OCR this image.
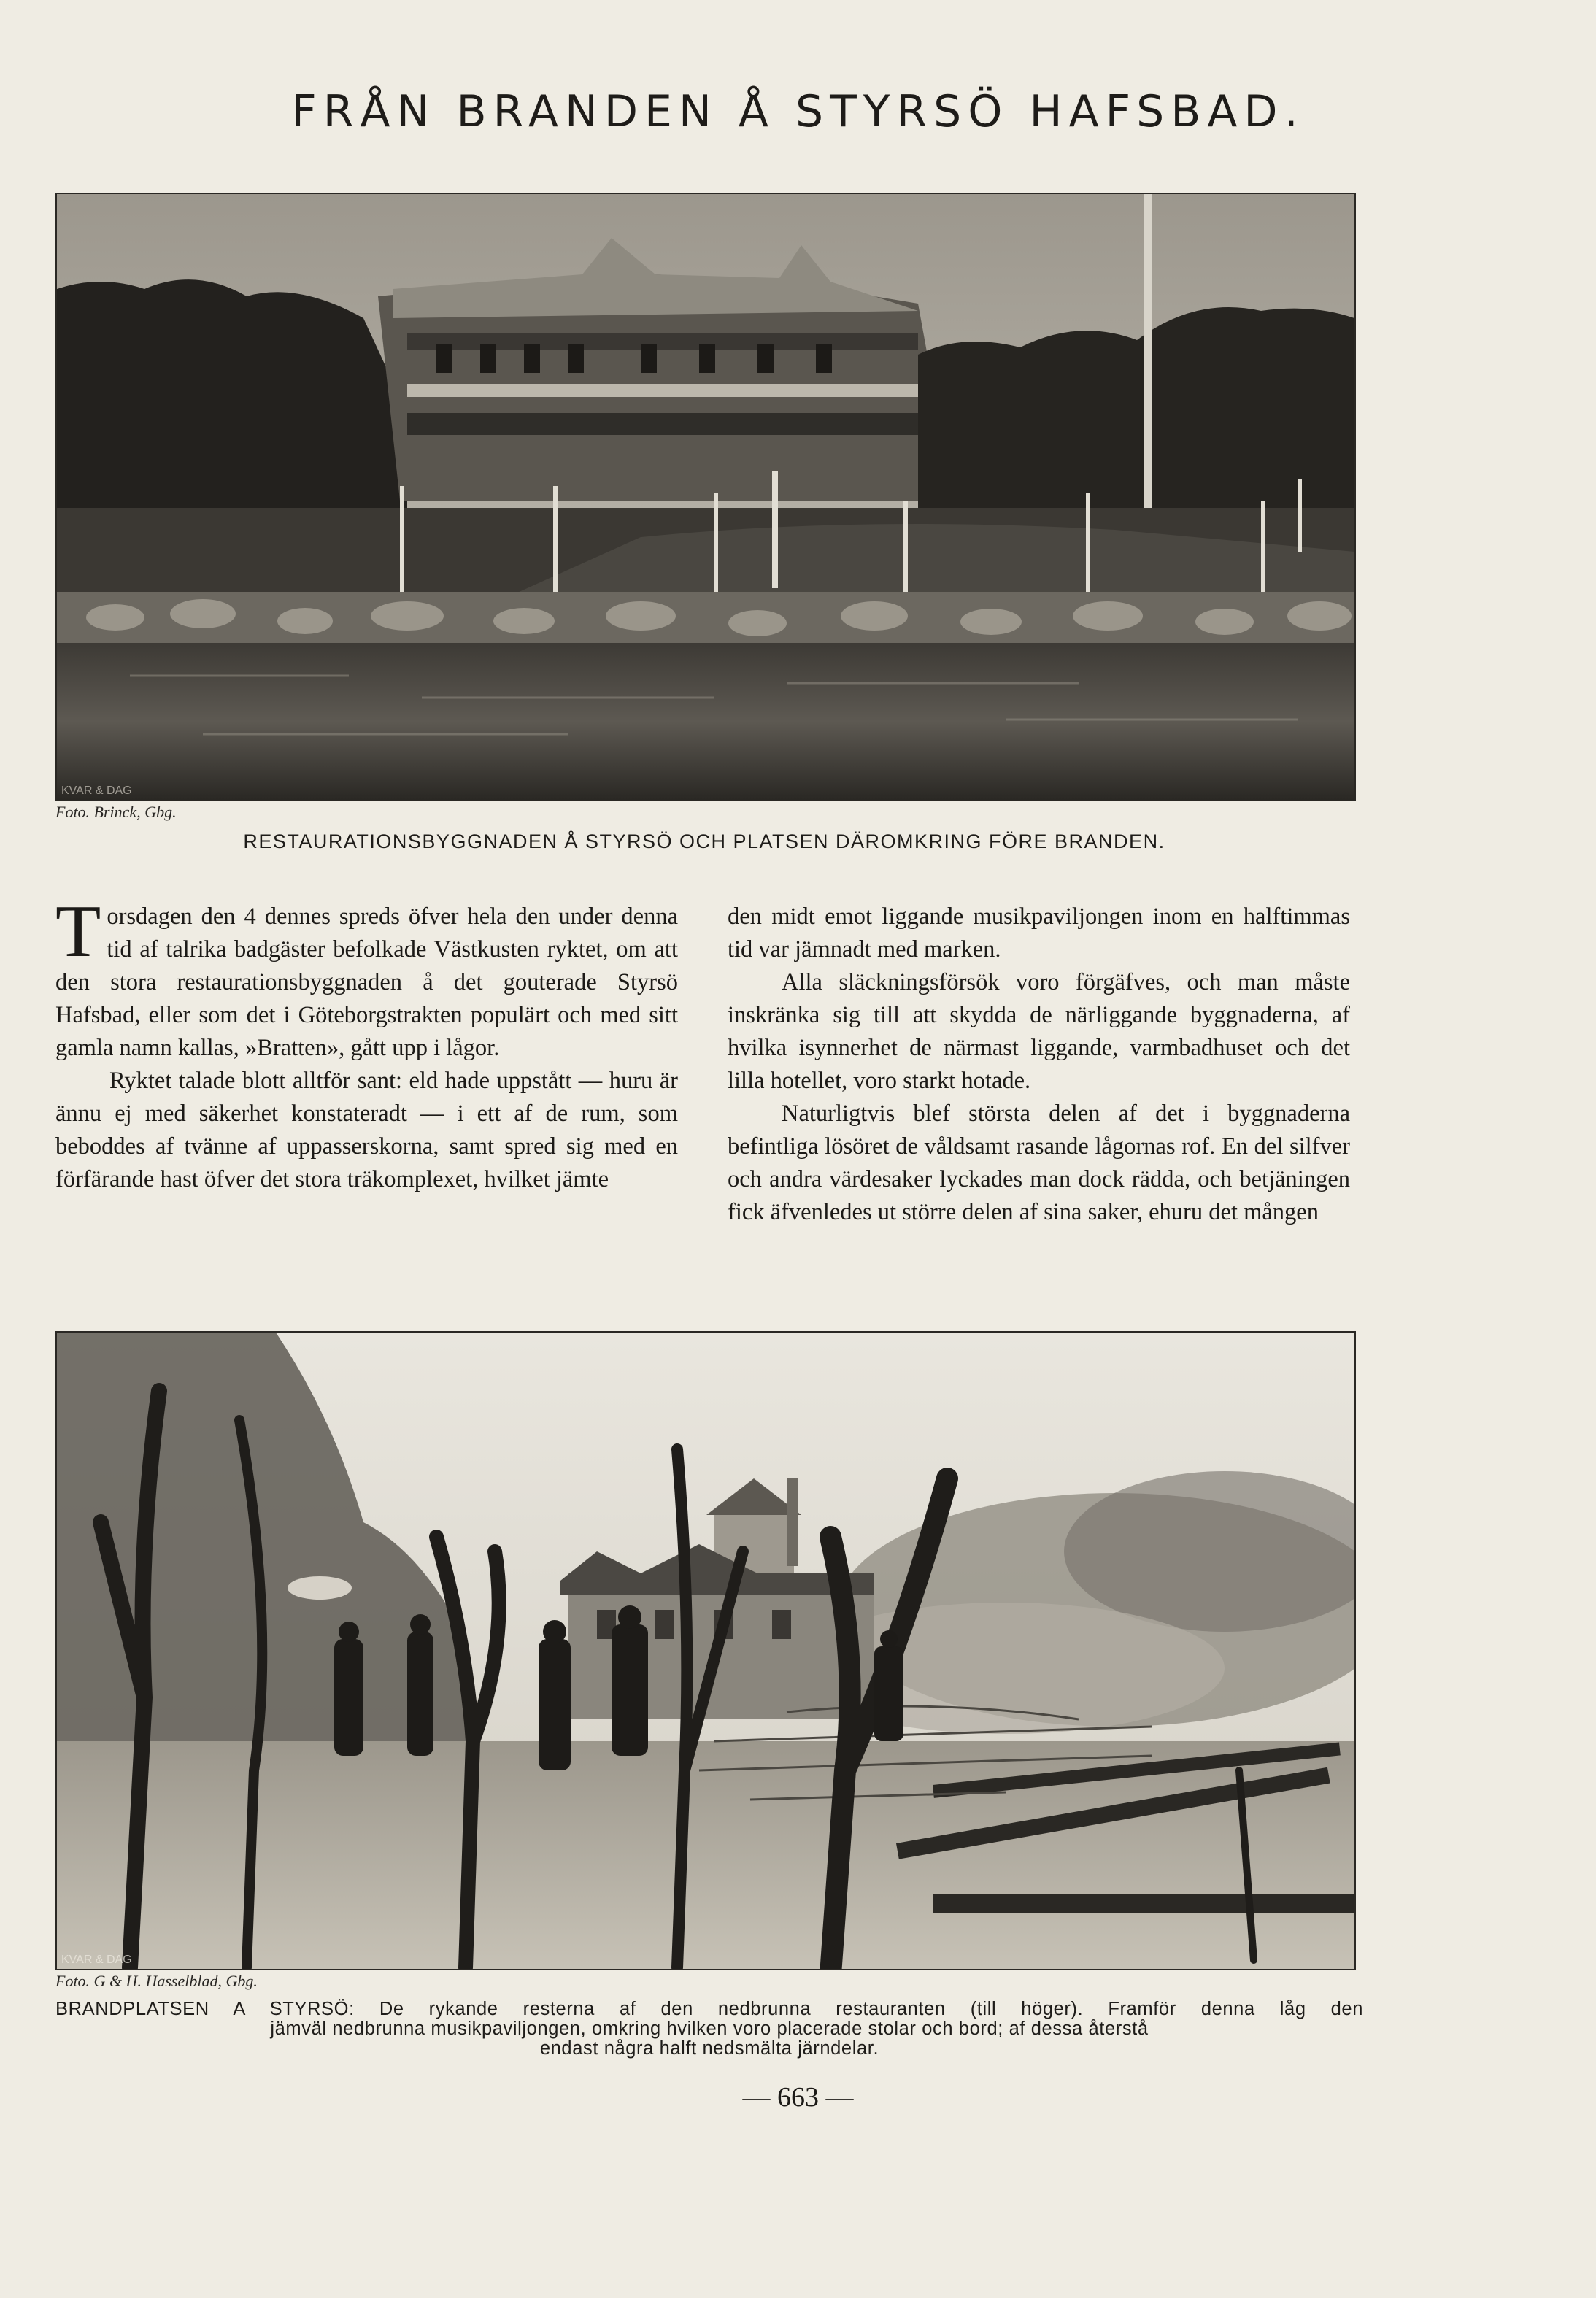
FRÅN BRANDEN Å STYRSÖ HAFSBAD.
KVAR & DAG
Foto. Brinck, Gbg.
RESTAURATIONSBYGGNADEN Å STYRSÖ OCH PLATSEN DÄROMKRING FÖRE BRANDEN.

Torsdagen den 4 dennes spreds öfver hela den under denna tid af talrika badgäster befolkade Västkusten ryktet, om att den stora restaurationsbyggnaden å det gouterade Styrsö Hafsbad, eller som det i Göteborgstrakten populärt och med sitt gamla namn kallas, »Bratten», gått upp i lågor.

Ryktet talade blott alltför sant: eld hade uppstått — huru är ännu ej med säkerhet konstateradt — i ett af de rum, som beboddes af tvänne af uppasserskorna, samt spred sig med en förfärande hast öfver det stora träkomplexet, hvilket jämte

den midt emot liggande musikpaviljongen inom en halftimmas tid var jämnadt med marken.

Alla släckningsförsök voro förgäfves, och man måste inskränka sig till att skydda de närliggande byggnaderna, af hvilka isynnerhet de närmast liggande, varmbadhuset och det lilla hotellet, voro starkt hotade.

Naturligtvis blef största delen af det i byggnaderna befintliga lösöret de våldsamt rasande lågornas rof. En del silfver och andra värdesaker lyckades man dock rädda, och betjäningen fick äfvenledes ut större delen af sina saker, ehuru det mången

KVAR & DAG
Foto. G & H. Hasselblad, Gbg.
BRANDPLATSEN A STYRSÖ: De rykande resterna af den nedbrunna restauranten (till höger). Framför denna låg den
jämväl nedbrunna musikpaviljongen, omkring hvilken voro placerade stolar och bord; af dessa återstå
endast några halft nedsmälta järndelar.
— 663 —
